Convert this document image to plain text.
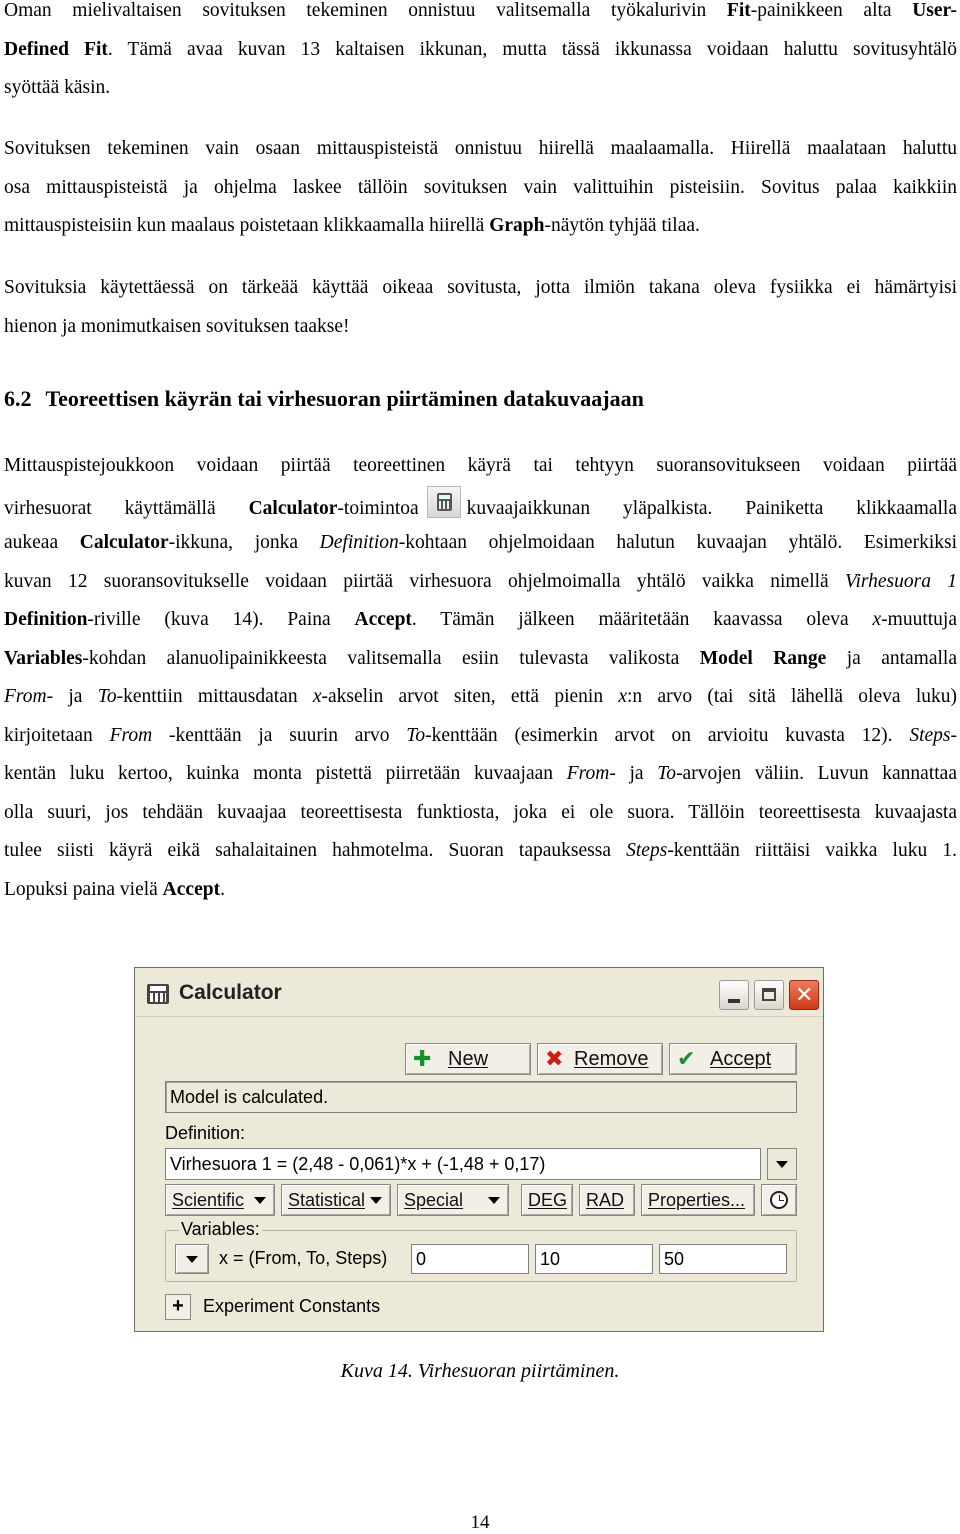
Oman mielivaltaisen sovituksen tekeminen onnistuu valitsemalla työkalurivin Fit-painikkeen alta User-
Defined Fit. Tämä avaa kuvan 13 kaltaisen ikkunan, mutta tässä ikkunassa voidaan haluttu sovitusyhtälö
syöttää käsin.
Sovituksen tekeminen vain osaan mittauspisteistä onnistuu hiirellä maalaamalla. Hiirellä maalataan haluttu
osa mittauspisteistä ja ohjelma laskee tällöin sovituksen vain valittuihin pisteisiin. Sovitus palaa kaikkiin
mittauspisteisiin kun maalaus poistetaan klikkaamalla hiirellä Graph-näytön tyhjää tilaa.
Sovituksia käytettäessä on tärkeää käyttää oikeaa sovitusta, jotta ilmiön takana oleva fysiikka ei hämärtyisi
hienon ja monimutkaisen sovituksen taakse!
6.2 Teoreettisen käyrän tai virhesuoran piirtäminen datakuvaajaan
Mittauspistejoukkoon voidaan piirtää teoreettinen käyrä tai tehtyyn suoransovitukseen voidaan piirtää
virhesuorat käyttämällä Calculator-toimintoa kuvaajaikkunan yläpalkista. Painiketta klikkaamalla
aukeaa Calculator-ikkuna, jonka Definition-kohtaan ohjelmoidaan halutun kuvaajan yhtälö. Esimerkiksi
kuvan 12 suoransovitukselle voidaan piirtää virhesuora ohjelmoimalla yhtälö vaikka nimellä Virhesuora 1
Definition-riville (kuva 14). Paina Accept. Tämän jälkeen määritetään kaavassa oleva x-muuttuja
Variables-kohdan alanuolipainikkeesta valitsemalla esiin tulevasta valikosta Model Range ja antamalla
From- ja To-kenttiin mittausdatan x-akselin arvot siten, että pienin x:n arvo (tai sitä lähellä oleva luku)
kirjoitetaan From -kenttään ja suurin arvo To-kenttään (esimerkin arvot on arvioitu kuvasta 12). Steps-
kentän luku kertoo, kuinka monta pistettä piirretään kuvaajaan From- ja To-arvojen väliin. Luvun kannattaa
olla suuri, jos tehdään kuvaajaa teoreettisesta funktiosta, joka ei ole suora. Tällöin teoreettisesta kuvaajasta
tulee siisti käyrä eikä sahalaitainen hahmotelma. Suoran tapauksessa Steps-kenttään riittäisi vaikka luku 1.
Lopuksi paina vielä Accept.
Calculator	✕
✚ New	✖ Remove ✔ Accept
Model is calculated.
Definition:
Virhesuora 1 = (2,48 - 0,061)*x + (-1,48 + 0,17)
Scientific	Statistical	Special	DEG	RAD	Properties...
Variables:
x = (From, To, Steps) 0	10	50
+	Experiment Constants
Kuva 14. Virhesuoran piirtäminen.
14
